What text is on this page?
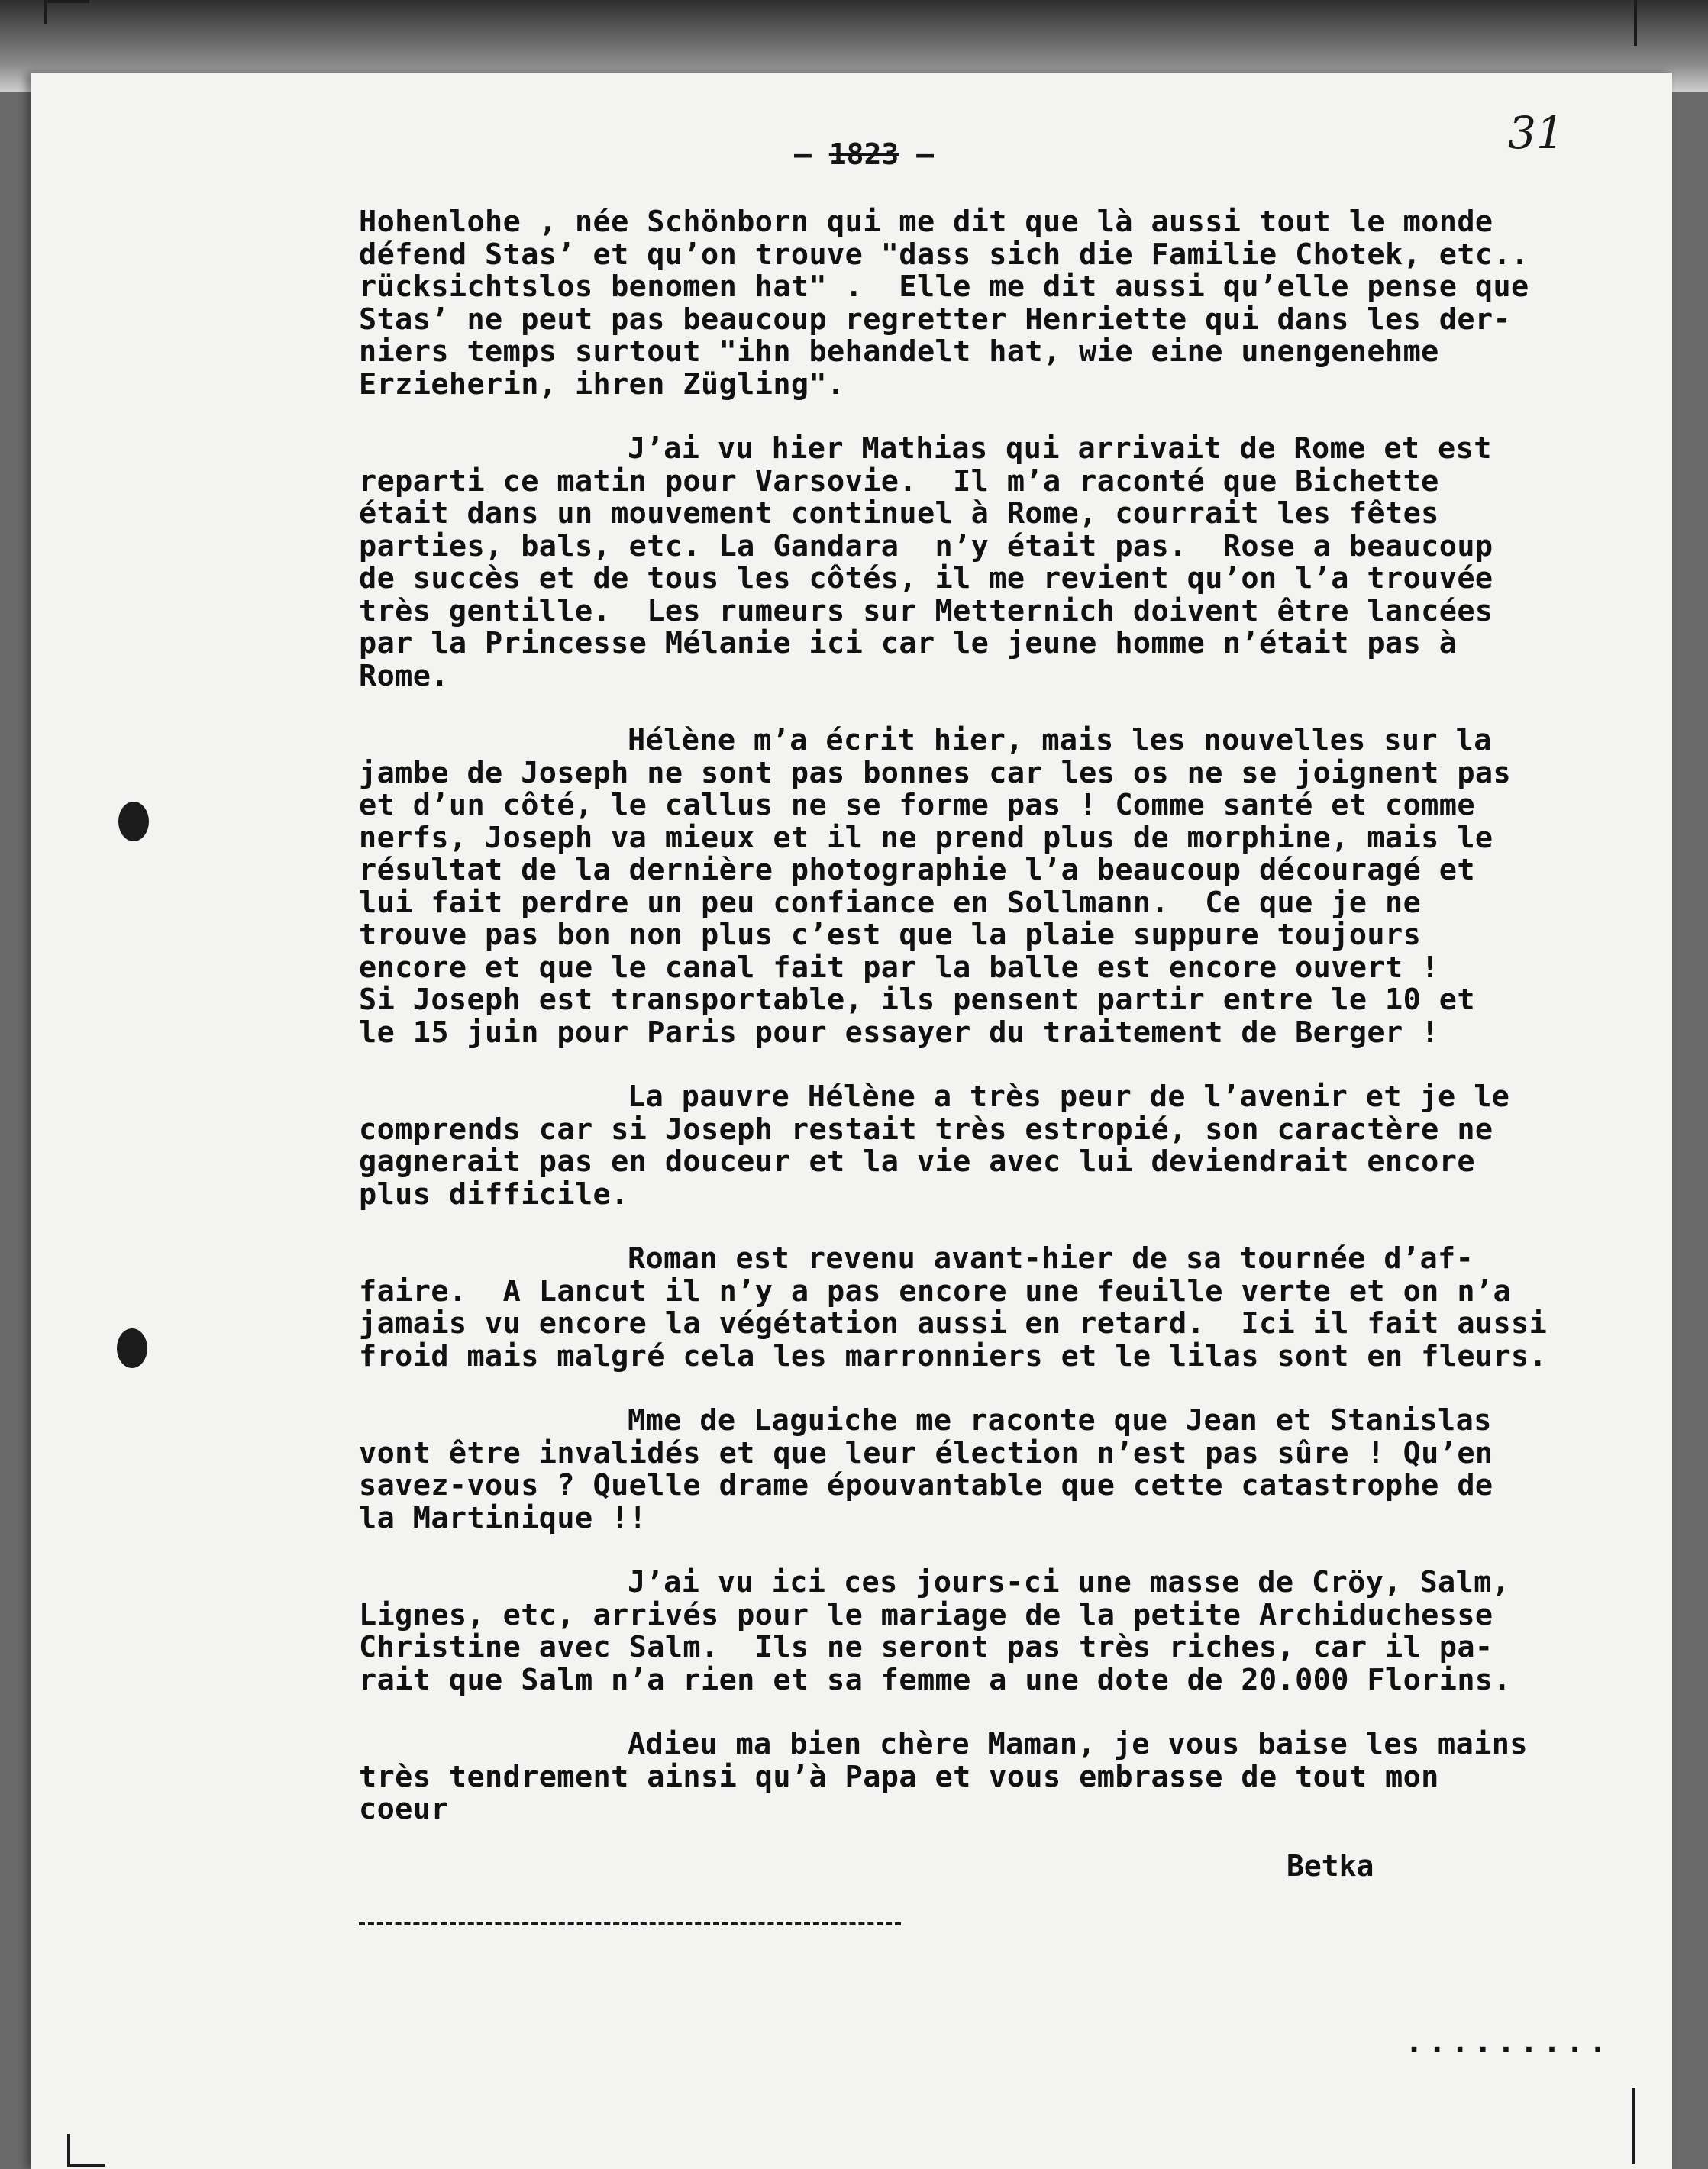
– 1823 –	31
Hohenlohe , née Schönborn qui me dit que là aussi tout le monde
défend Stas’ et qu’on trouve "dass sich die Familie Chotek, etc..
rücksichtslos benomen hat" .  Elle me dit aussi qu’elle pense que
Stas’ ne peut pas beaucoup regretter Henriette qui dans les der-
niers temps surtout "ihn behandelt hat, wie eine unengenehme
Erzieherin, ihren Zügling".
J’ai vu hier Mathias qui arrivait de Rome et est
reparti ce matin pour Varsovie.  Il m’a raconté que Bichette
était dans un mouvement continuel à Rome, courrait les fêtes
parties, bals, etc. La Gandara  n’y était pas.  Rose a beaucoup
de succès et de tous les côtés, il me revient qu’on l’a trouvée
très gentille.  Les rumeurs sur Metternich doivent être lancées
par la Princesse Mélanie ici car le jeune homme n’était pas à
Rome.
Hélène m’a écrit hier, mais les nouvelles sur la
jambe de Joseph ne sont pas bonnes car les os ne se joignent pas
et d’un côté, le callus ne se forme pas ! Comme santé et comme
nerfs, Joseph va mieux et il ne prend plus de morphine, mais le
résultat de la dernière photographie l’a beaucoup découragé et
lui fait perdre un peu confiance en Sollmann.  Ce que je ne
trouve pas bon non plus c’est que la plaie suppure toujours
encore et que le canal fait par la balle est encore ouvert !
Si Joseph est transportable, ils pensent partir entre le 10 et
le 15 juin pour Paris pour essayer du traitement de Berger !
La pauvre Hélène a très peur de l’avenir et je le
comprends car si Joseph restait très estropié, son caractère ne
gagnerait pas en douceur et la vie avec lui deviendrait encore
plus difficile.
Roman est revenu avant-hier de sa tournée d’af-
faire.  A Lancut il n’y a pas encore une feuille verte et on n’a
jamais vu encore la végétation aussi en retard.  Ici il fait aussi
froid mais malgré cela les marronniers et le lilas sont en fleurs.
Mme de Laguiche me raconte que Jean et Stanislas
vont être invalidés et que leur élection n’est pas sûre ! Qu’en
savez-vous ? Quelle drame épouvantable que cette catastrophe de
la Martinique !!
J’ai vu ici ces jours-ci une masse de Cröy, Salm,
Lignes, etc, arrivés pour le mariage de la petite Archiduchesse
Christine avec Salm.  Ils ne seront pas très riches, car il pa-
rait que Salm n’a rien et sa femme a une dote de 20.000 Florins.
Adieu ma bien chère Maman, je vous baise les mains
très tendrement ainsi qu’à Papa et vous embrasse de tout mon
coeur
Betka
.........
